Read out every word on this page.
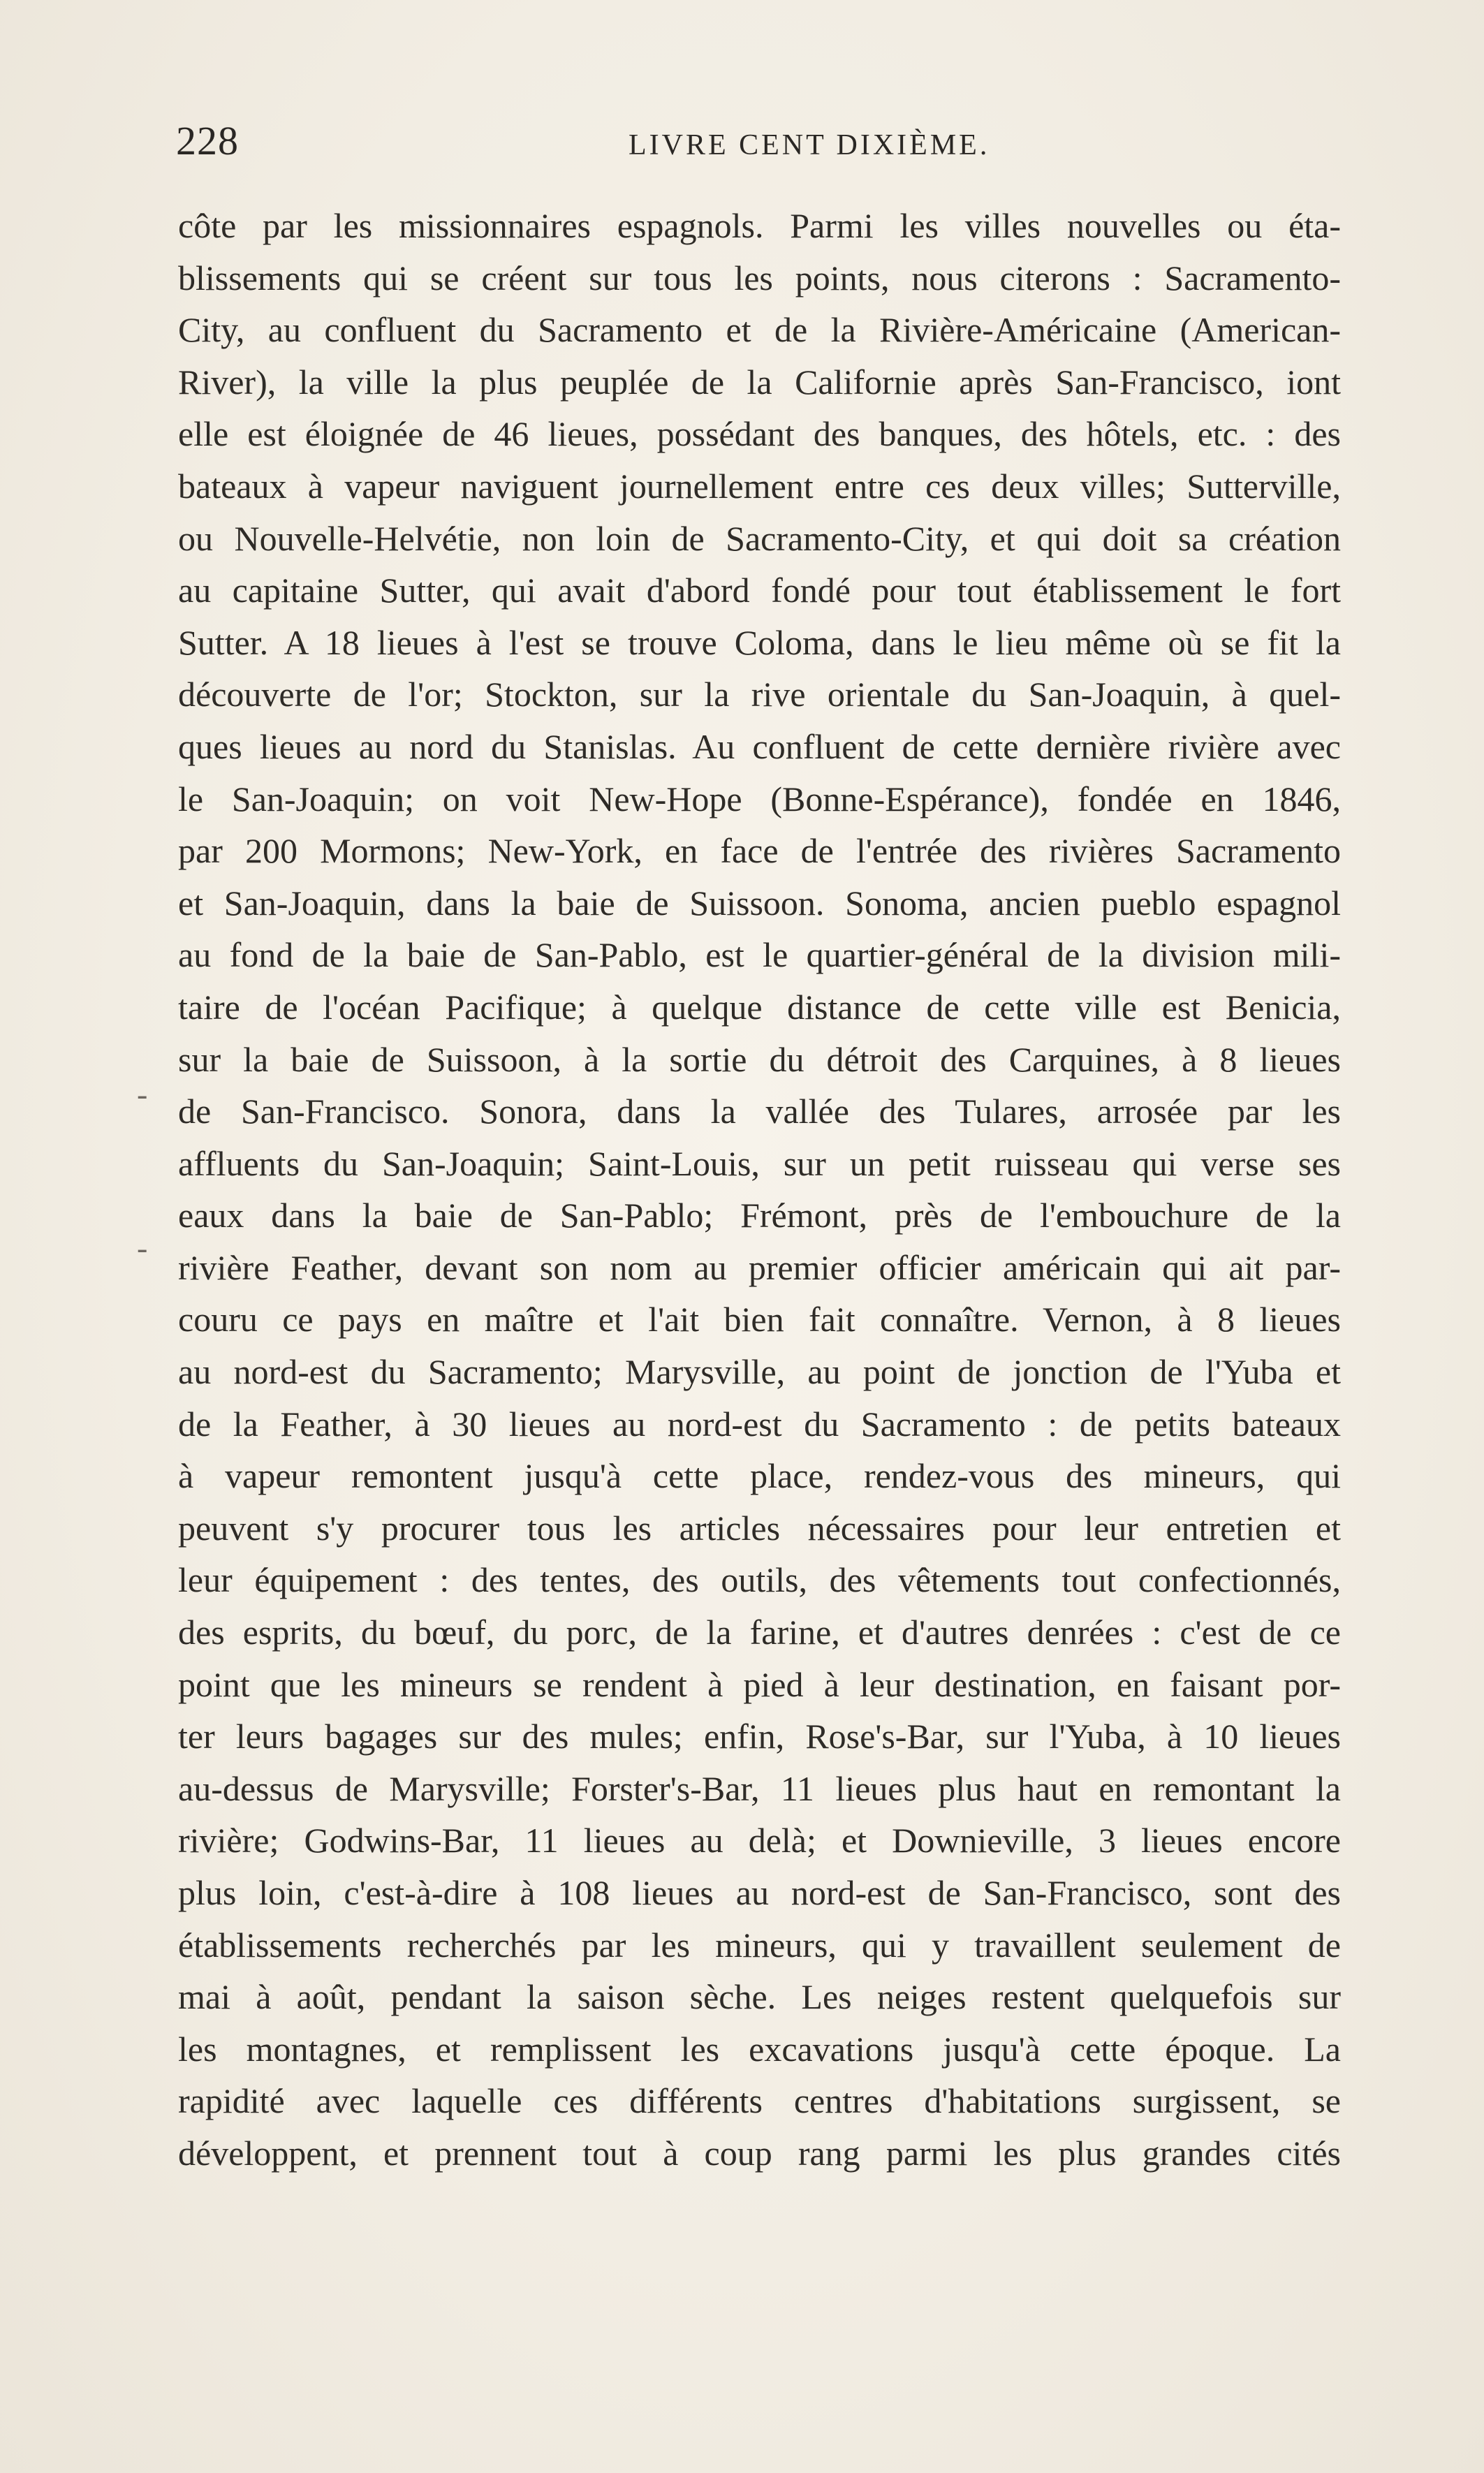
228	LIVRE CENT DIXIÈME.
-
-
côte par les missionnaires espagnols. Parmi les villes nouvelles ou éta-
blissements qui se créent sur tous les points, nous citerons : Sacramento-
City, au confluent du Sacramento et de la Rivière-Américaine (American-
River), la ville la plus peuplée de la Californie après San-Francisco, iont
elle est éloignée de 46 lieues, possédant des banques, des hôtels, etc. : des
bateaux à vapeur naviguent journellement entre ces deux villes; Sutterville,
ou Nouvelle-Helvétie, non loin de Sacramento-City, et qui doit sa création
au capitaine Sutter, qui avait d'abord fondé pour tout établissement le fort
Sutter. A 18 lieues à l'est se trouve Coloma, dans le lieu même où se fit la
découverte de l'or; Stockton, sur la rive orientale du San-Joaquin, à quel-
ques lieues au nord du Stanislas. Au confluent de cette dernière rivière avec
le San-Joaquin; on voit New-Hope (Bonne-Espérance), fondée en 1846,
par 200 Mormons; New-York, en face de l'entrée des rivières Sacramento
et San-Joaquin, dans la baie de Suissoon. Sonoma, ancien pueblo espagnol
au fond de la baie de San-Pablo, est le quartier-général de la division mili-
taire de l'océan Pacifique; à quelque distance de cette ville est Benicia,
sur la baie de Suissoon, à la sortie du détroit des Carquines, à 8 lieues
de San-Francisco. Sonora, dans la vallée des Tulares, arrosée par les
affluents du San-Joaquin; Saint-Louis, sur un petit ruisseau qui verse ses
eaux dans la baie de San-Pablo; Frémont, près de l'embouchure de la
rivière Feather, devant son nom au premier officier américain qui ait par-
couru ce pays en maître et l'ait bien fait connaître. Vernon, à 8 lieues
au nord-est du Sacramento; Marysville, au point de jonction de l'Yuba et
de la Feather, à 30 lieues au nord-est du Sacramento : de petits bateaux
à vapeur remontent jusqu'à cette place, rendez-vous des mineurs, qui
peuvent s'y procurer tous les articles nécessaires pour leur entretien et
leur équipement : des tentes, des outils, des vêtements tout confectionnés,
des esprits, du bœuf, du porc, de la farine, et d'autres denrées : c'est de ce
point que les mineurs se rendent à pied à leur destination, en faisant por-
ter leurs bagages sur des mules; enfin, Rose's-Bar, sur l'Yuba, à 10 lieues
au-dessus de Marysville; Forster's-Bar, 11 lieues plus haut en remontant la
rivière; Godwins-Bar, 11 lieues au delà; et Downieville, 3 lieues encore
plus loin, c'est-à-dire à 108 lieues au nord-est de San-Francisco, sont des
établissements recherchés par les mineurs, qui y travaillent seulement de
mai à août, pendant la saison sèche. Les neiges restent quelquefois sur
les montagnes, et remplissent les excavations jusqu'à cette époque. La
rapidité avec laquelle ces différents centres d'habitations surgissent, se
développent, et prennent tout à coup rang parmi les plus grandes cités
